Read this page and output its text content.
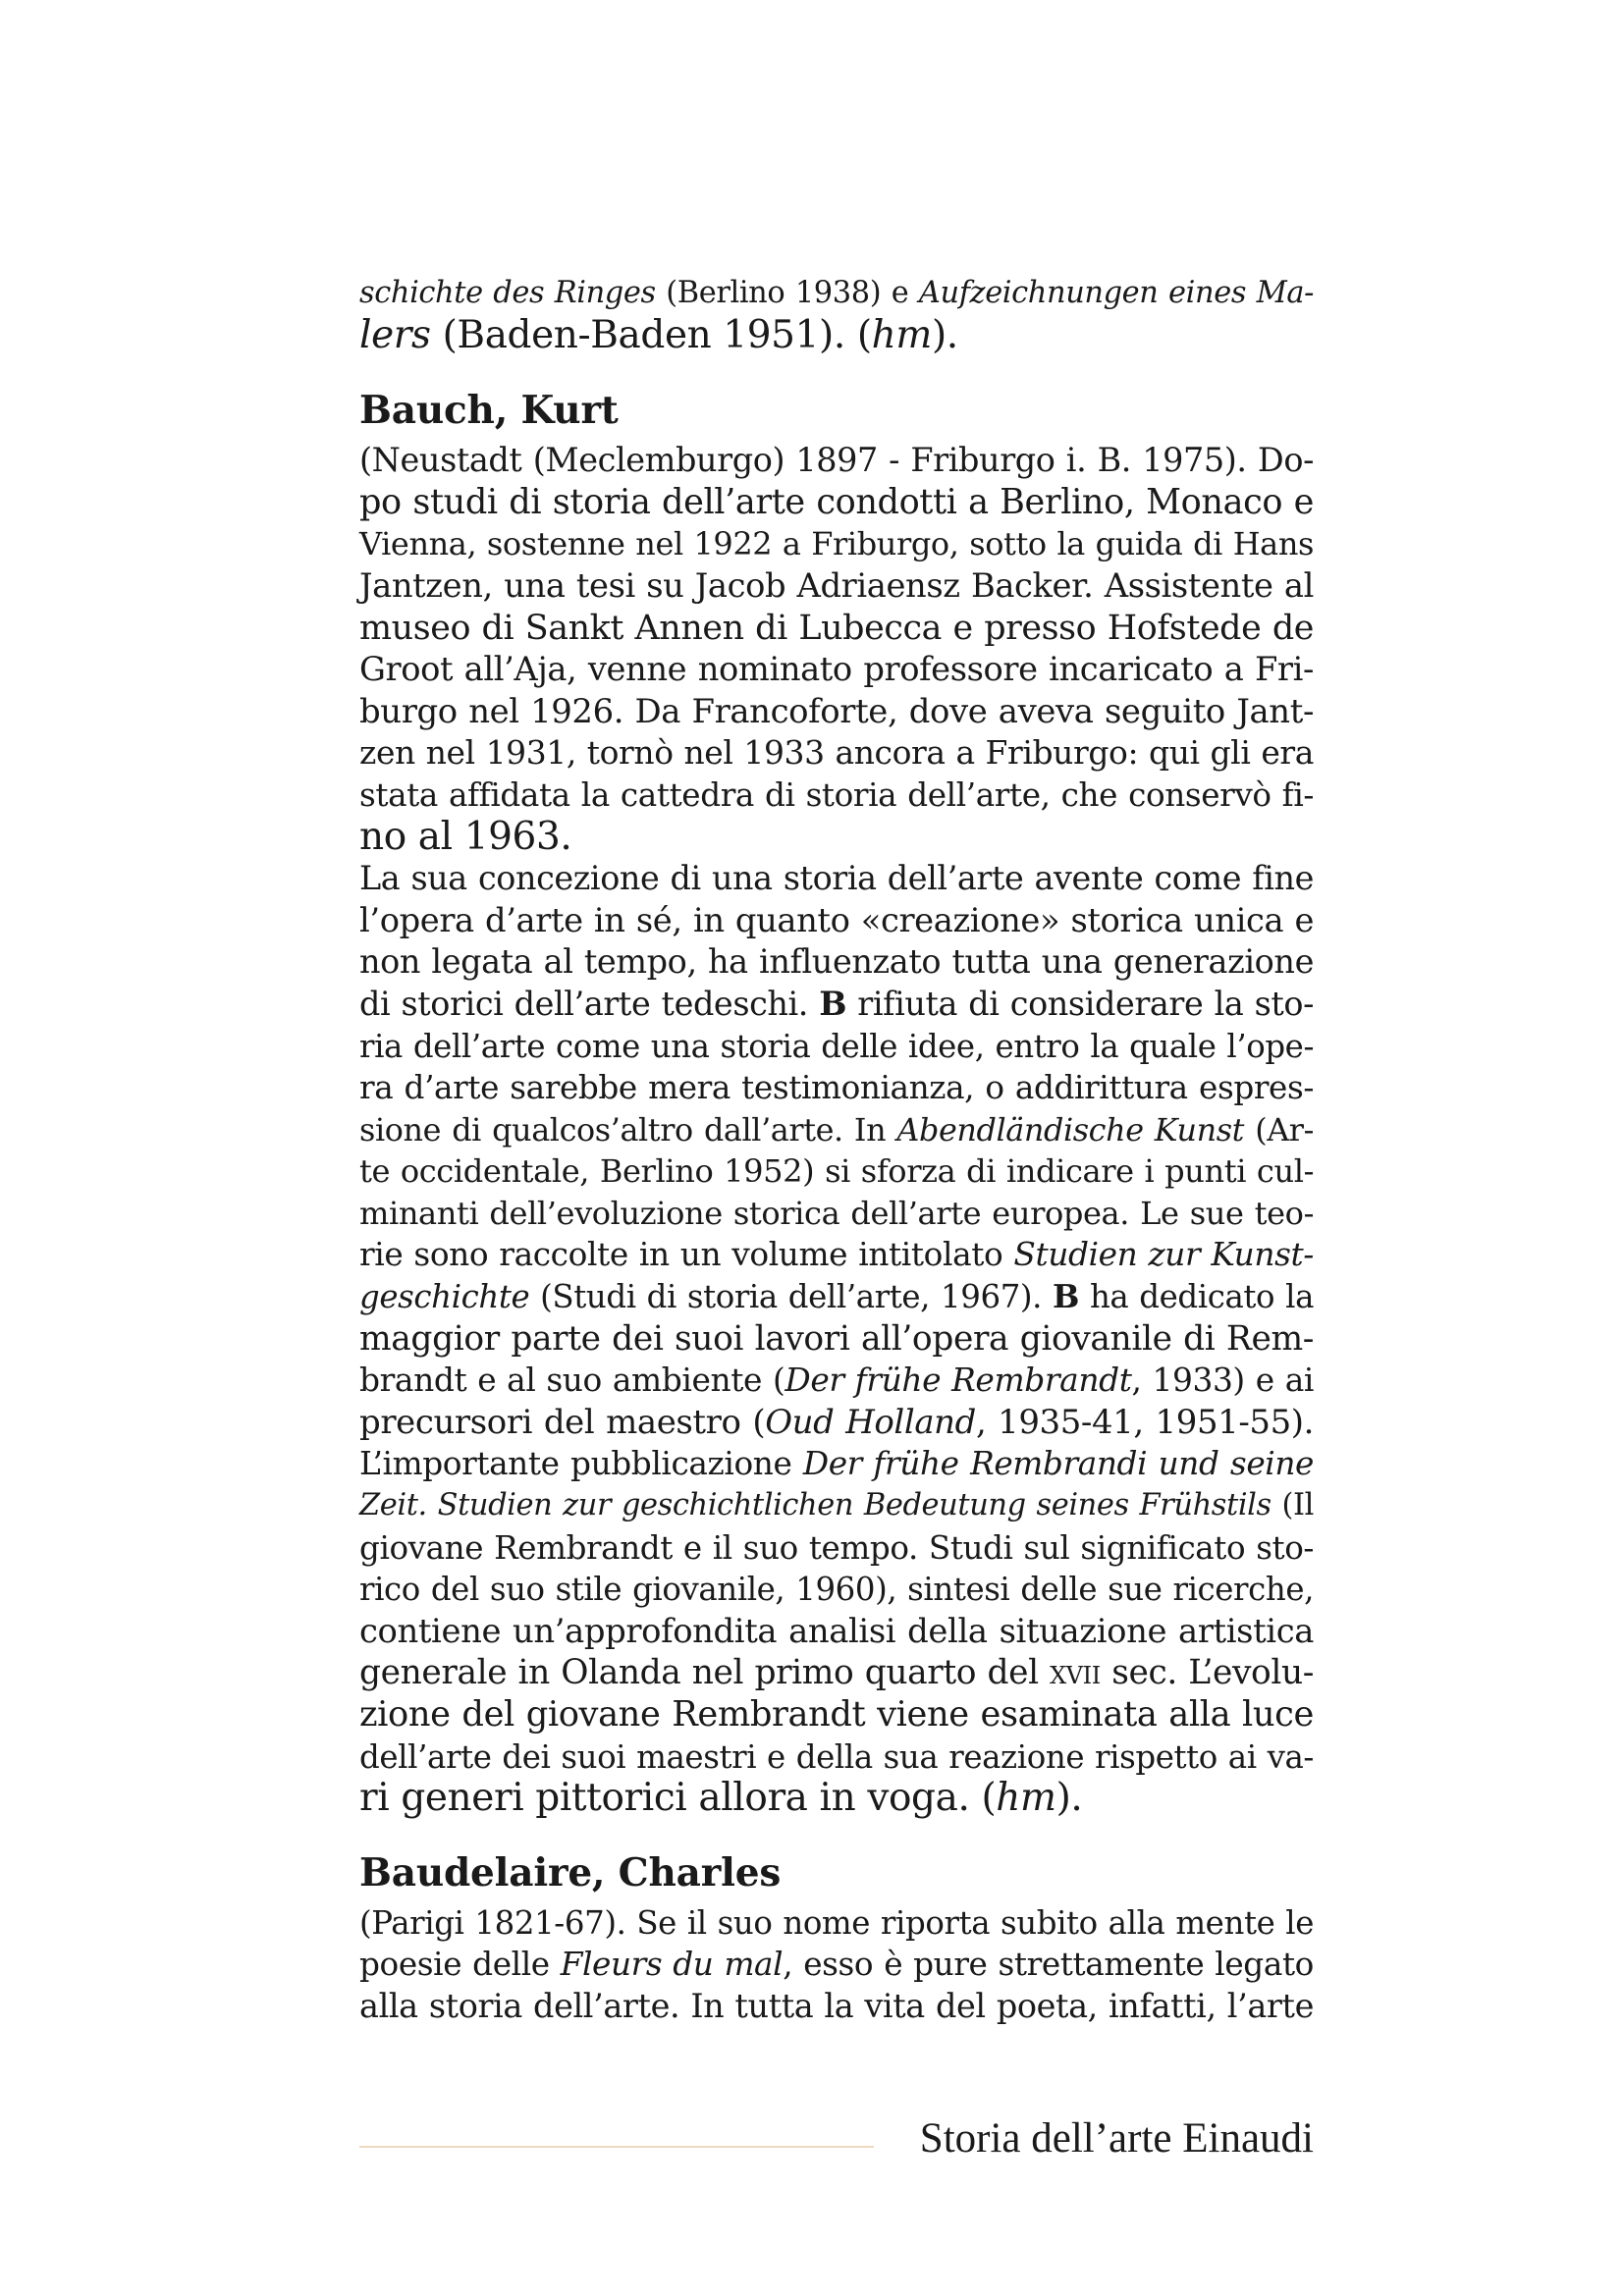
schichte des Ringes (Berlino 1938) e Aufzeichnungen eines Ma-
lers (Baden-Baden 1951). (hm).
Bauch, Kurt
(Neustadt (Meclemburgo) 1897 - Friburgo i. B. 1975). Do-
po studi di storia dell’arte condotti a Berlino, Monaco e
Vienna, sostenne nel 1922 a Friburgo, sotto la guida di Hans
Jantzen, una tesi su Jacob Adriaensz Backer. Assistente al
museo di Sankt Annen di Lubecca e presso Hofstede de
Groot all’Aja, venne nominato professore incaricato a Fri-
burgo nel 1926. Da Francoforte, dove aveva seguito Jant-
zen nel 1931, tornò nel 1933 ancora a Friburgo: qui gli era
stata affidata la cattedra di storia dell’arte, che conservò fi-
no al 1963.
La sua concezione di una storia dell’arte avente come fine
l’opera d’arte in sé, in quanto «creazione» storica unica e
non legata al tempo, ha influenzato tutta una generazione
di storici dell’arte tedeschi. B rifiuta di considerare la sto-
ria dell’arte come una storia delle idee, entro la quale l’ope-
ra d’arte sarebbe mera testimonianza, o addirittura espres-
sione di qualcos’altro dall’arte. In Abendländische Kunst (Ar-
te occidentale, Berlino 1952) si sforza di indicare i punti cul-
minanti dell’evoluzione storica dell’arte europea. Le sue teo-
rie sono raccolte in un volume intitolato Studien zur Kunst-
geschichte (Studi di storia dell’arte, 1967). B ha dedicato la
maggior parte dei suoi lavori all’opera giovanile di Rem-
brandt e al suo ambiente (Der frühe Rembrandt, 1933) e ai
precursori del maestro (Oud Holland, 1935-41, 1951-55).
L’importante pubblicazione Der frühe Rembrandi und seine
Zeit. Studien zur geschichtlichen Bedeutung seines Frühstils (Il
giovane Rembrandt e il suo tempo. Studi sul significato sto-
rico del suo stile giovanile, 1960), sintesi delle sue ricerche,
contiene un’approfondita analisi della situazione artistica
generale in Olanda nel primo quarto del xvii sec. L’evolu-
zione del giovane Rembrandt viene esaminata alla luce
dell’arte dei suoi maestri e della sua reazione rispetto ai va-
ri generi pittorici allora in voga. (hm).
Baudelaire, Charles
(Parigi 1821-67). Se il suo nome riporta subito alla mente le
poesie delle Fleurs du mal, esso è pure strettamente legato
alla storia dell’arte. In tutta la vita del poeta, infatti, l’arte
Storia dell’arte Einaudi
